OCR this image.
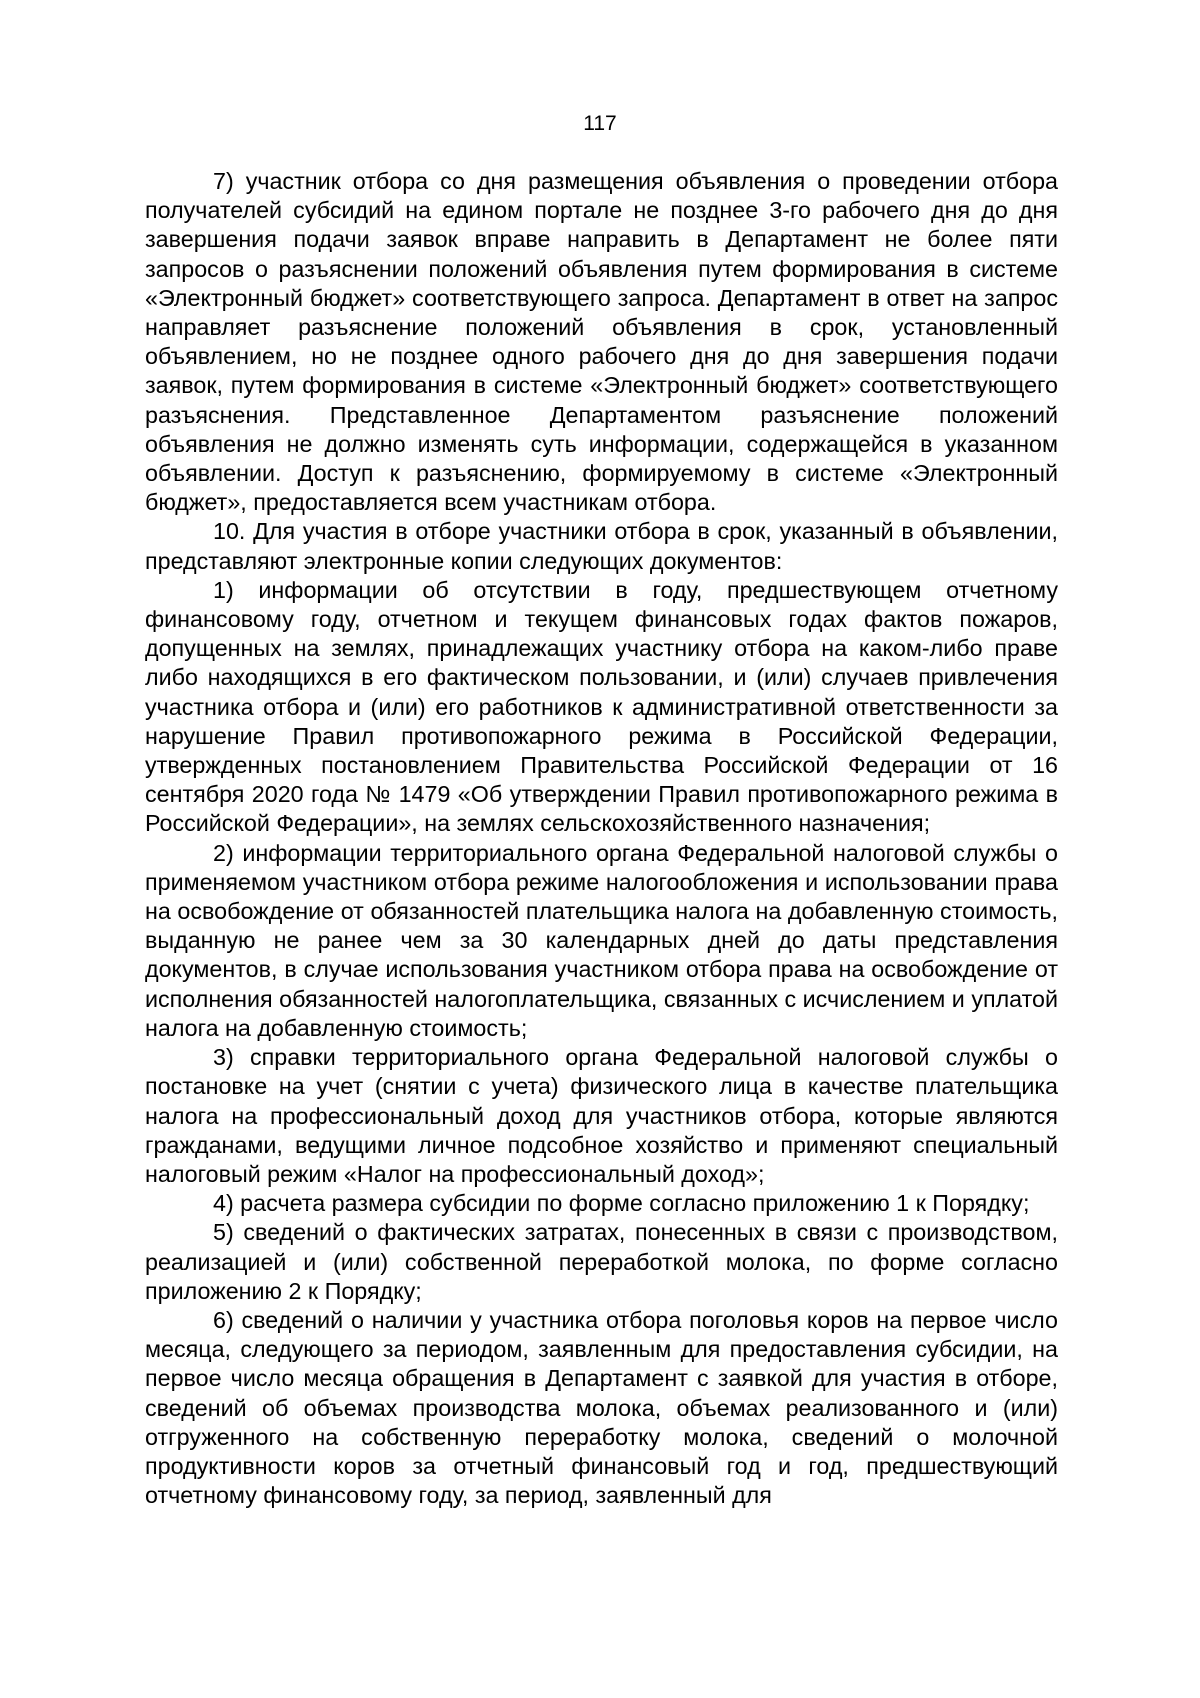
117

7) участник отбора со дня размещения объявления о проведении отбора получателей субсидий на едином портале не позднее 3-го рабочего дня до дня завершения подачи заявок вправе направить в Департамент не более пяти запросов о разъяснении положений объявления путем формирования в системе «Электронный бюджет» соответствующего запроса. Департамент в ответ на запрос направляет разъяснение положений объявления в срок, установленный объявлением, но не позднее одного рабочего дня до дня завершения подачи заявок, путем формирования в системе «Электронный бюджет» соответствующего разъяснения. Представленное Департаментом разъяснение положений объявления не должно изменять суть информации, содержащейся в указанном объявлении. Доступ к разъяснению, формируемому в системе «Электронный бюджет», предоставляется всем участникам отбора.

10. Для участия в отборе участники отбора в срок, указанный в объявлении, представляют электронные копии следующих документов:

1) информации об отсутствии в году, предшествующем отчетному финансовому году, отчетном и текущем финансовых годах фактов пожаров, допущенных на землях, принадлежащих участнику отбора на каком-либо праве либо находящихся в его фактическом пользовании, и (или) случаев привлечения участника отбора и (или) его работников к административной ответственности за нарушение Правил противопожарного режима в Российской Федерации, утвержденных постановлением Правительства Российской Федерации от 16 сентября 2020 года № 1479 «Об утверждении Правил противопожарного режима в Российской Федерации», на землях сельскохозяйственного назначения;

2) информации территориального органа Федеральной налоговой службы о применяемом участником отбора режиме налогообложения и использовании права на освобождение от обязанностей плательщика налога на добавленную стоимость, выданную не ранее чем за 30 календарных дней до даты представления документов, в случае использования участником отбора права на освобождение от исполнения обязанностей налогоплательщика, связанных с исчислением и уплатой налога на добавленную стоимость;

3) справки территориального органа Федеральной налоговой службы о постановке на учет (снятии с учета) физического лица в качестве плательщика налога на профессиональный доход для участников отбора, которые являются гражданами, ведущими личное подсобное хозяйство и применяют специальный налоговый режим «Налог на профессиональный доход»;

4) расчета размера субсидии по форме согласно приложению 1 к Порядку;

5) сведений о фактических затратах, понесенных в связи с производством, реализацией и (или) собственной переработкой молока, по форме согласно приложению 2 к Порядку;

6) сведений о наличии у участника отбора поголовья коров на первое число месяца, следующего за периодом, заявленным для предоставления субсидии, на первое число месяца обращения в Департамент с заявкой для участия в отборе, сведений об объемах производства молока, объемах реализованного и (или) отгруженного на собственную переработку молока, сведений о молочной продуктивности коров за отчетный финансовый год и год, предшествующий отчетному финансовому году, за период, заявленный для
